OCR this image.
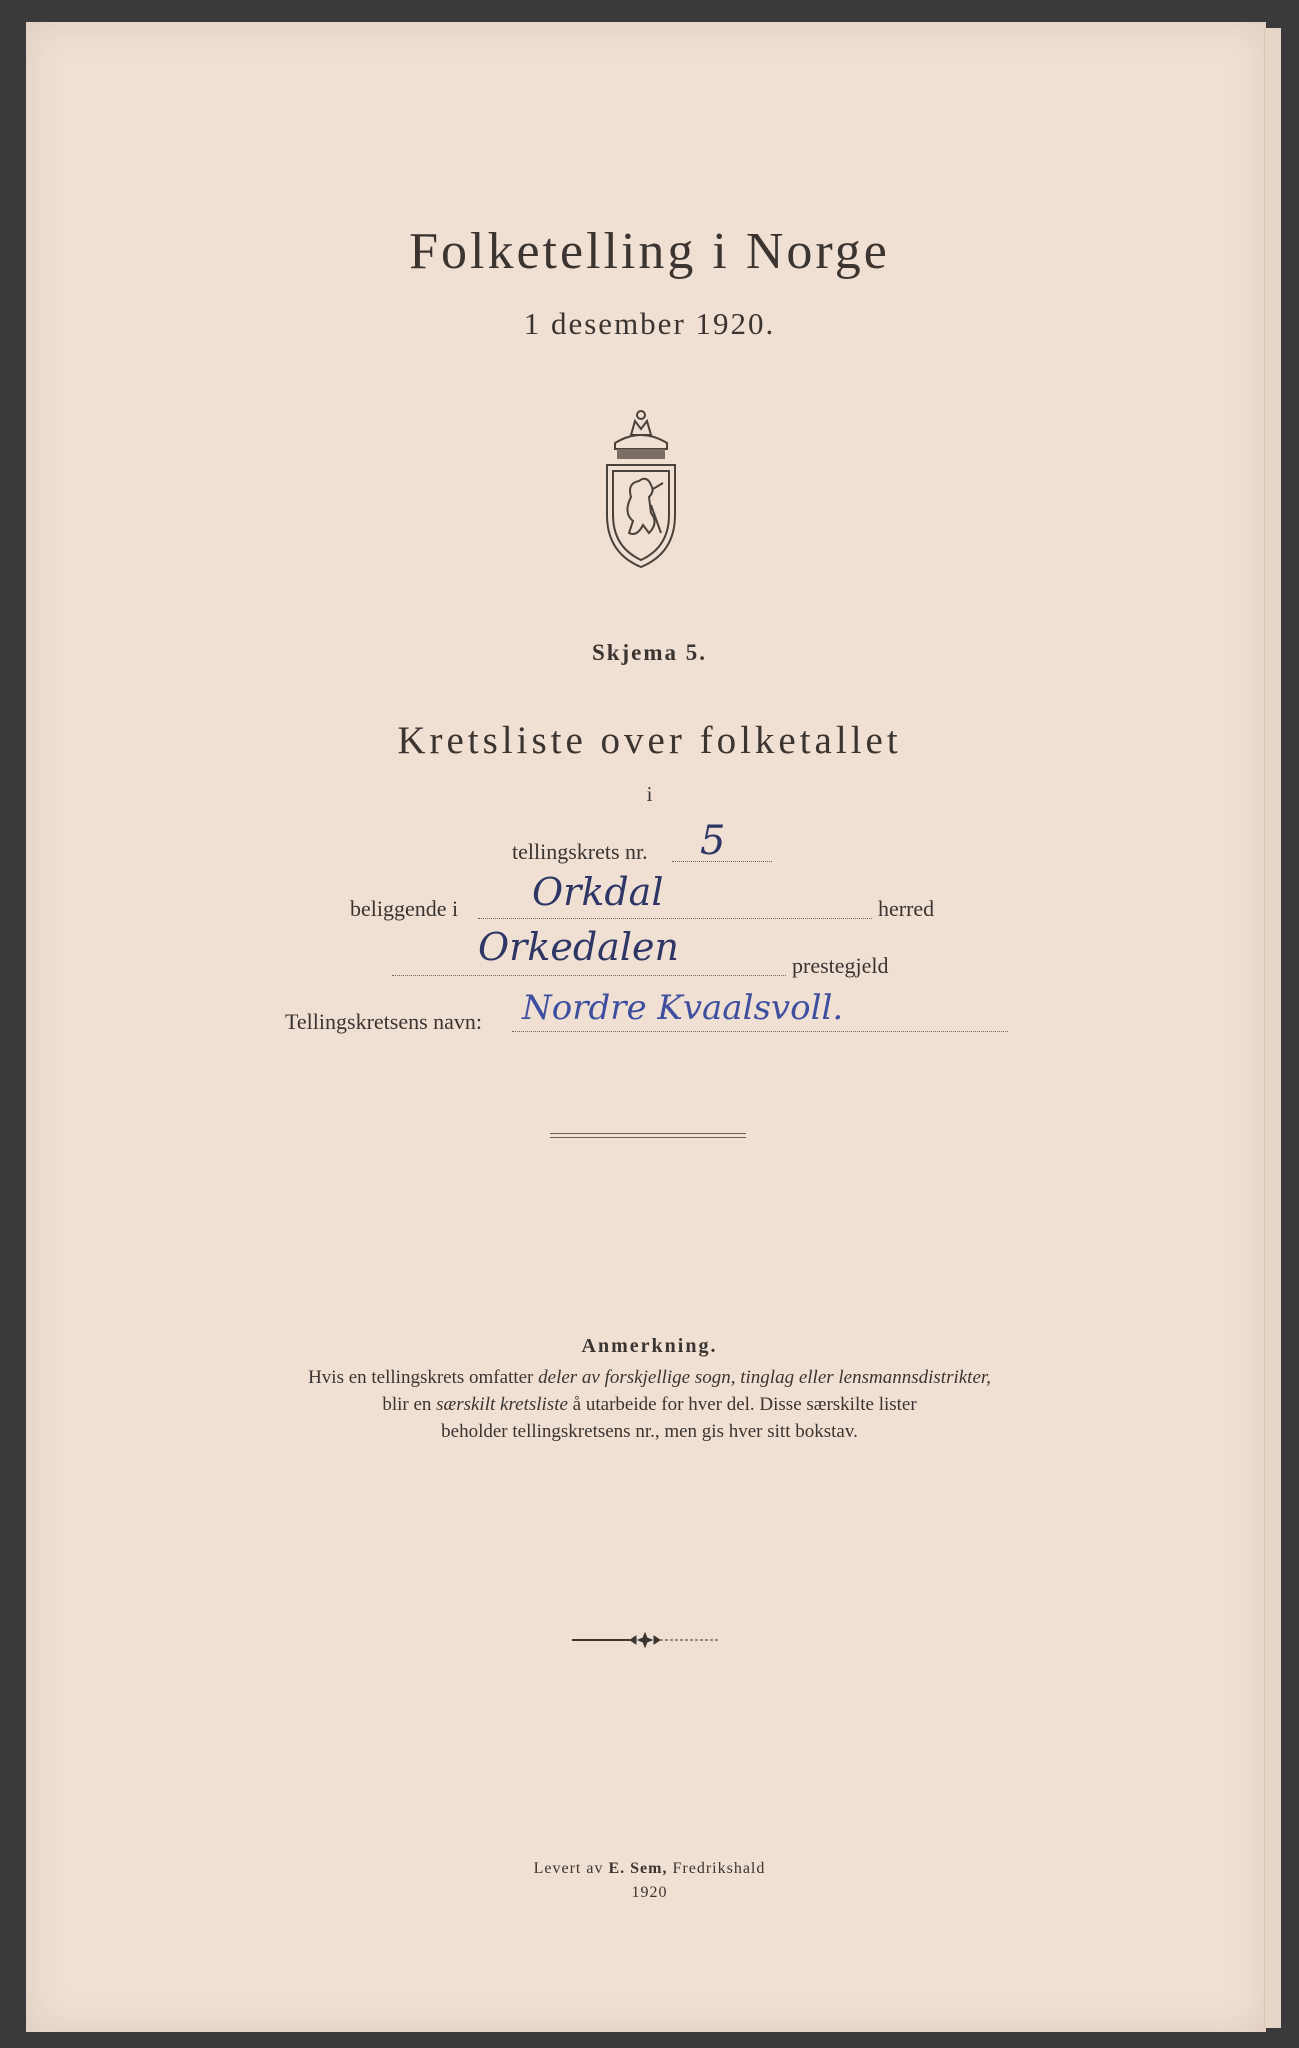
Folketelling i Norge
1 desember 1920.
Skjema 5.
Kretsliste over folketallet
i
tellingskrets nr. 5
beliggende i Orkdal	herred
Orkedalen	prestegjeld
Tellingskretsens navn: Nordre Kvaalsvoll.
Anmerkning.
Hvis en tellingskrets omfatter deler av forskjellige sogn, tinglag eller lensmannsdistrikter,
blir en særskilt kretsliste å utarbeide for hver del. Disse særskilte lister
beholder tellingskretsens nr., men gis hver sitt bokstav.
Levert av E. Sem, Fredrikshald
1920
